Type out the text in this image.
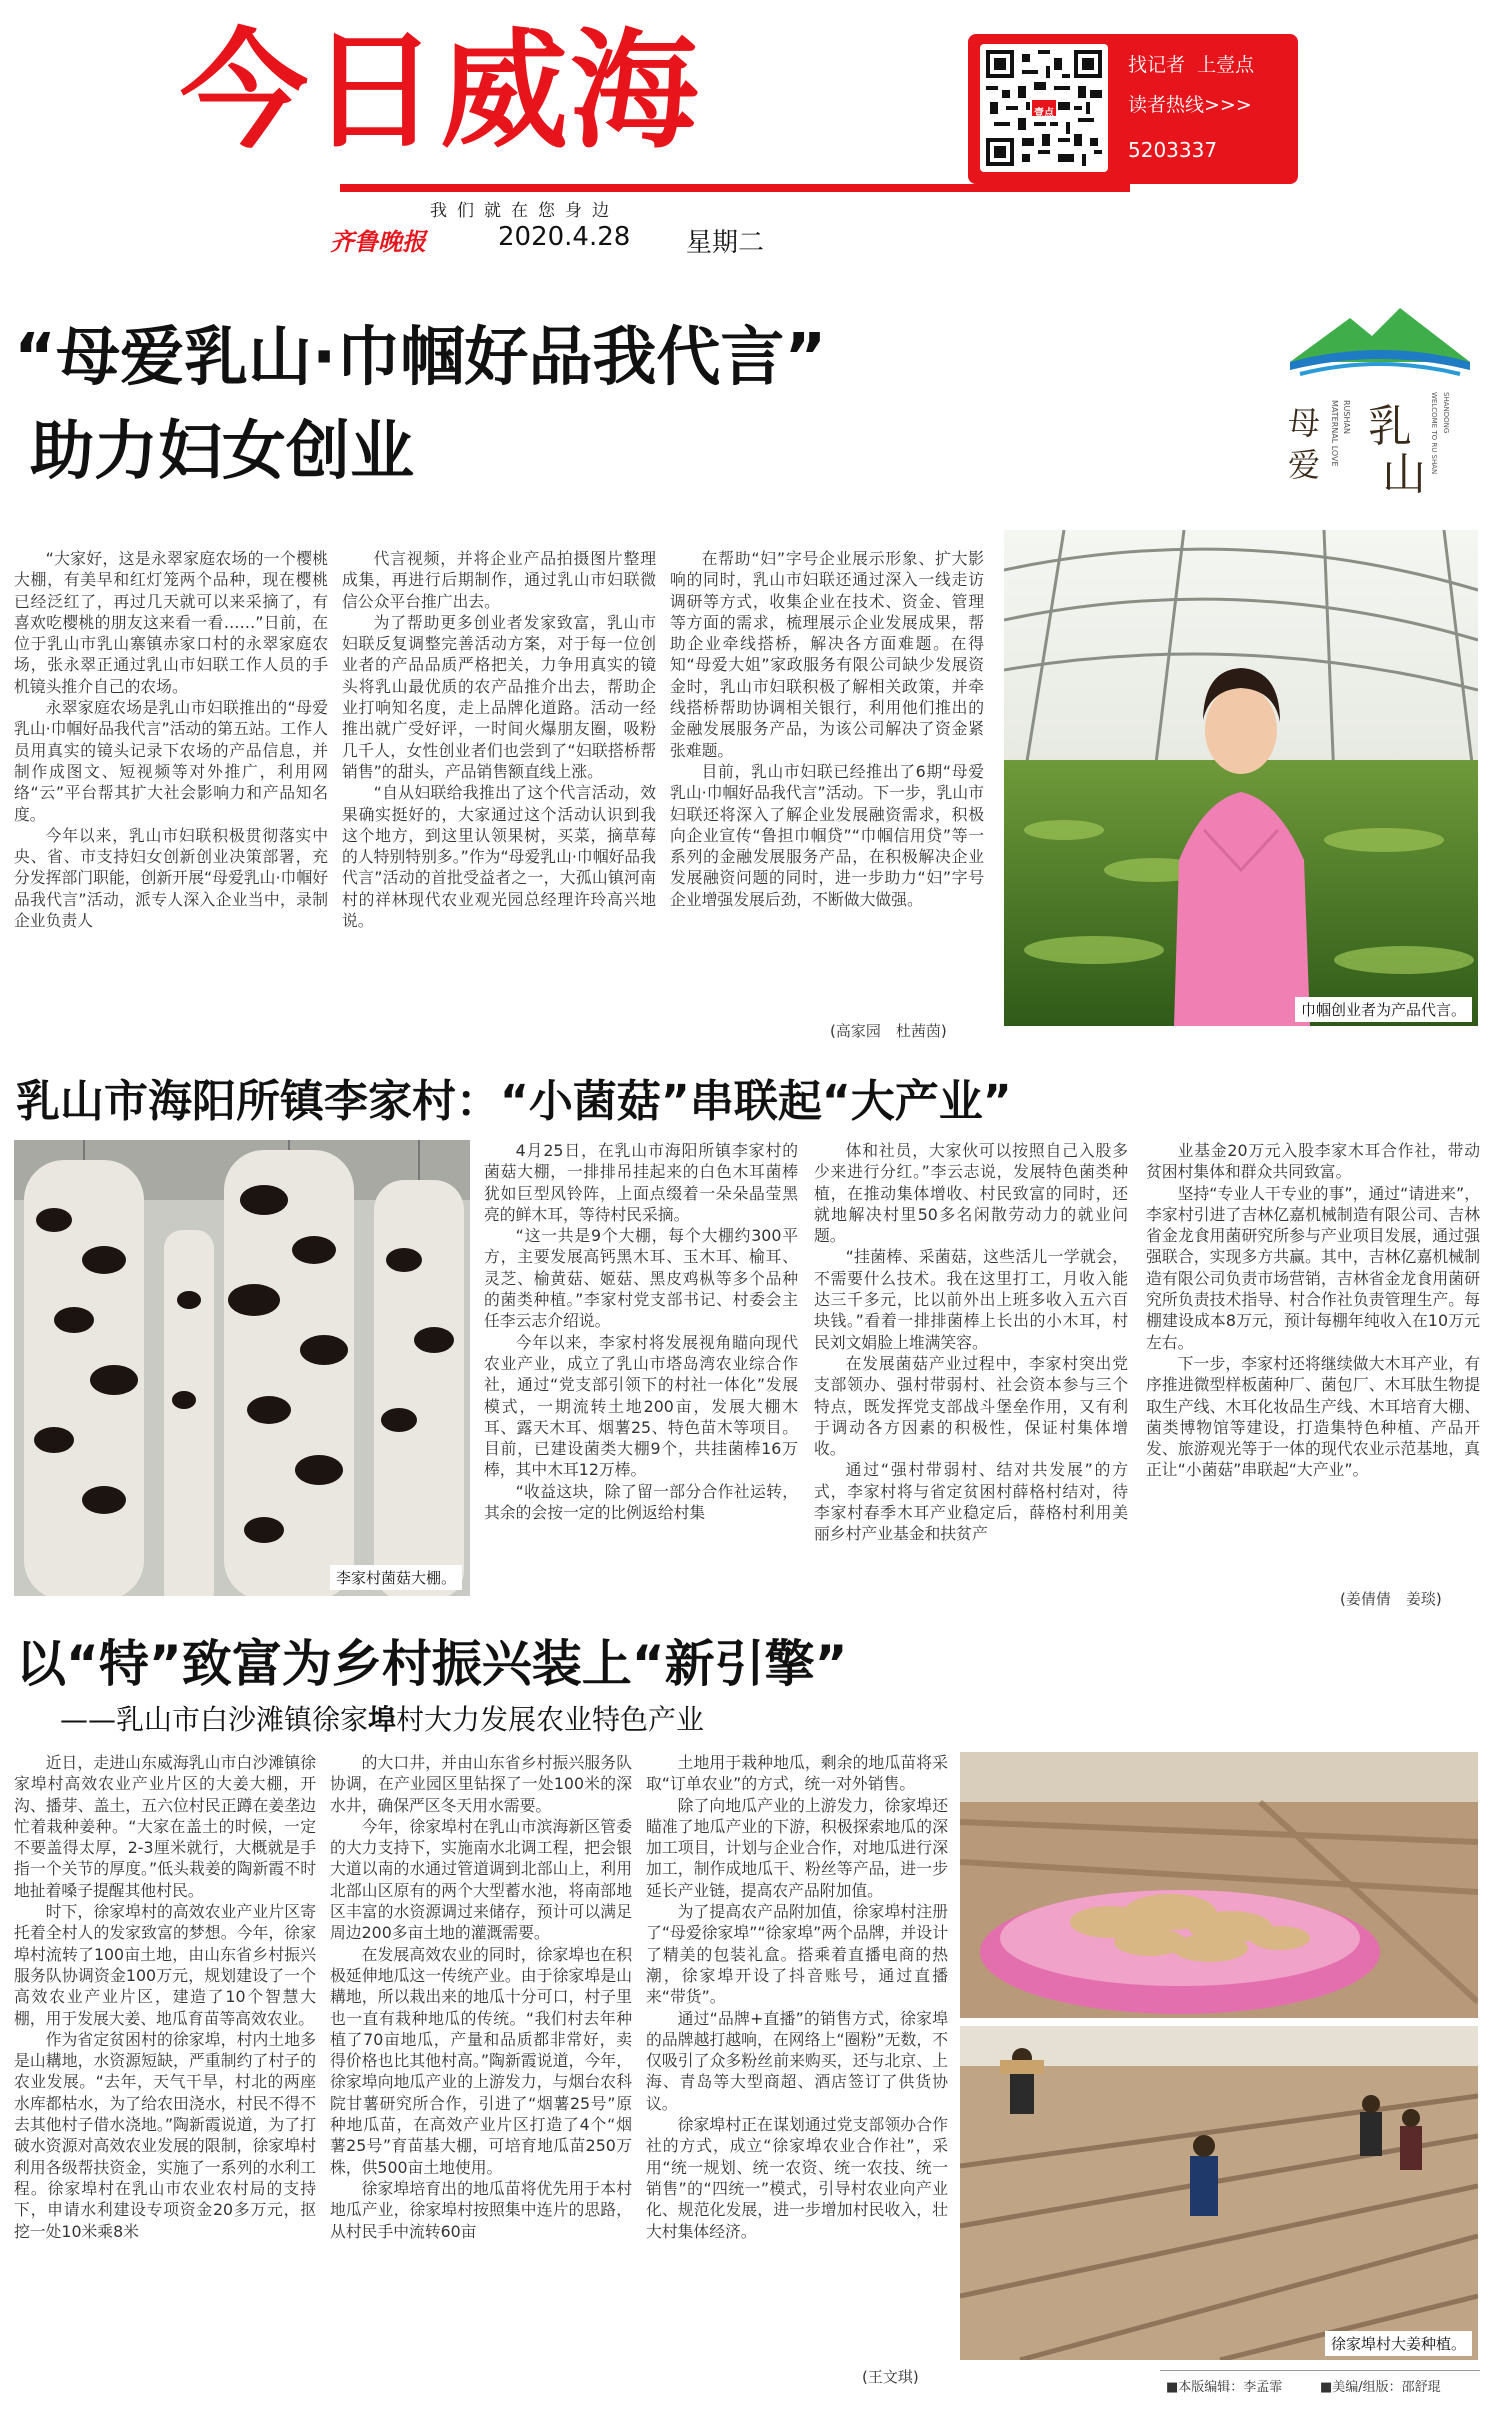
今日威海
我们就在您身边
齐鲁晚报	2020.4.28 星期二
壹点
找记者  上壹点
读者热线>>>
5203337
“母爱乳山·巾帼好品我代言”
助力妇女创业	母
爱 MATERNAL LOVE RUSHAN 乳
山
WELCOME TO RU SHAN SHANDONG

“大家好，这是永翠家庭农场的一个樱桃大棚，有美早和红灯笼两个品种，现在樱桃已经泛红了，再过几天就可以来采摘了，有喜欢吃樱桃的朋友这来看一看……”日前，在位于乳山市乳山寨镇赤家口村的永翠家庭农场，张永翠正通过乳山市妇联工作人员的手机镜头推介自己的农场。

永翠家庭农场是乳山市妇联推出的“母爱乳山·巾帼好品我代言”活动的第五站。工作人员用真实的镜头记录下农场的产品信息，并制作成图文、短视频等对外推广，利用网络“云”平台帮其扩大社会影响力和产品知名度。

今年以来，乳山市妇联积极贯彻落实中央、省、市支持妇女创新创业决策部署，充分发挥部门职能，创新开展“母爱乳山·巾帼好品我代言”活动，派专人深入企业当中，录制企业负责人

代言视频，并将企业产品拍摄图片整理成集，再进行后期制作，通过乳山市妇联微信公众平台推广出去。

为了帮助更多创业者发家致富，乳山市妇联反复调整完善活动方案，对于每一位创业者的产品品质严格把关，力争用真实的镜头将乳山最优质的农产品推介出去，帮助企业打响知名度，走上品牌化道路。活动一经推出就广受好评，一时间火爆朋友圈，吸粉几千人，女性创业者们也尝到了“妇联搭桥帮销售”的甜头，产品销售额直线上涨。

“自从妇联给我推出了这个代言活动，效果确实挺好的，大家通过这个活动认识到我这个地方，到这里认领果树，买菜，摘草莓的人特别特别多。”作为“母爱乳山·巾帼好品我代言”活动的首批受益者之一，大孤山镇河南村的祥林现代农业观光园总经理许玲高兴地说。

在帮助“妇”字号企业展示形象、扩大影响的同时，乳山市妇联还通过深入一线走访调研等方式，收集企业在技术、资金、管理等方面的需求，梳理展示企业发展成果，帮助企业牵线搭桥，解决各方面难题。在得知“母爱大姐”家政服务有限公司缺少发展资金时，乳山市妇联积极了解相关政策，并牵线搭桥帮助协调相关银行，利用他们推出的金融发展服务产品，为该公司解决了资金紧张难题。

目前，乳山市妇联已经推出了6期“母爱乳山·巾帼好品我代言”活动。下一步，乳山市妇联还将深入了解企业发展融资需求，积极向企业宣传“鲁担巾帼贷”“巾帼信用贷”等一系列的金融发展服务产品，在积极解决企业发展融资问题的同时，进一步助力“妇”字号企业增强发展后劲，不断做大做强。

(高家园　杜茜茵)
巾帼创业者为产品代言。
乳山市海阳所镇李家村：“小菌菇”串联起“大产业”
李家村菌菇大棚。

4月25日，在乳山市海阳所镇李家村的菌菇大棚，一排排吊挂起来的白色木耳菌棒犹如巨型风铃阵，上面点缀着一朵朵晶莹黑亮的鲜木耳，等待村民采摘。

“这一共是9个大棚，每个大棚约300平方，主要发展高钙黑木耳、玉木耳、榆耳、灵芝、榆黄菇、姬菇、黑皮鸡枞等多个品种的菌类种植。”李家村党支部书记、村委会主任李云志介绍说。

今年以来，李家村将发展视角瞄向现代农业产业，成立了乳山市塔岛湾农业综合作社，通过“党支部引领下的村社一体化”发展模式，一期流转土地200亩，发展大棚木耳、露天木耳、烟薯25、特色苗木等项目。目前，已建设菌类大棚9个，共挂菌棒16万棒，其中木耳12万棒。

“收益这块，除了留一部分合作社运转，其余的会按一定的比例返给村集

体和社员，大家伙可以按照自己入股多少来进行分红。”李云志说，发展特色菌类种植，在推动集体增收、村民致富的同时，还就地解决村里50多名闲散劳动力的就业问题。

“挂菌棒、采菌菇，这些活儿一学就会，不需要什么技术。我在这里打工，月收入能达三千多元，比以前外出上班多收入五六百块钱。”看着一排排菌棒上长出的小木耳，村民刘文娟脸上堆满笑容。

在发展菌菇产业过程中，李家村突出党支部领办、强村带弱村、社会资本参与三个特点，既发挥党支部战斗堡垒作用，又有利于调动各方因素的积极性，保证村集体增收。

通过“强村带弱村、结对共发展”的方式，李家村将与省定贫困村薛格村结对，待李家村春季木耳产业稳定后，薛格村利用美丽乡村产业基金和扶贫产

业基金20万元入股李家木耳合作社，带动贫困村集体和群众共同致富。

坚持“专业人干专业的事”，通过“请进来”，李家村引进了吉林亿嘉机械制造有限公司、吉林省金龙食用菌研究所参与产业项目发展，通过强强联合，实现多方共赢。其中，吉林亿嘉机械制造有限公司负责市场营销，吉林省金龙食用菌研究所负责技术指导、村合作社负责管理生产。每棚建设成本8万元，预计每棚年纯收入在10万元左右。

下一步，李家村还将继续做大木耳产业，有序推进微型样板菌种厂、菌包厂、木耳肽生物提取生产线、木耳化妆品生产线、木耳培育大棚、菌类博物馆等建设，打造集特色种植、产品开发、旅游观光等于一体的现代农业示范基地，真正让“小菌菇”串联起“大产业”。

(姜倩倩　姜琰)
以“特”致富为乡村振兴装上“新引擎”
——乳山市白沙滩镇徐家埠村大力发展农业特色产业

近日，走进山东威海乳山市白沙滩镇徐家埠村高效农业产业片区的大姜大棚，开沟、播芽、盖土，五六位村民正蹲在姜垄边忙着栽种姜种。“大家在盖土的时候，一定不要盖得太厚，2-3厘米就行，大概就是手指一个关节的厚度。”低头栽姜的陶新霞不时地扯着嗓子提醒其他村民。

时下，徐家埠村的高效农业产业片区寄托着全村人的发家致富的梦想。今年，徐家埠村流转了100亩土地，由山东省乡村振兴服务队协调资金100万元，规划建设了一个高效农业产业片区，建造了10个智慧大棚，用于发展大姜、地瓜育苗等高效农业。

作为省定贫困村的徐家埠，村内土地多是山耩地，水资源短缺，严重制约了村子的农业发展。“去年，天气干旱，村北的两座水库都枯水，为了给农田浇水，村民不得不去其他村子借水浇地。”陶新霞说道，为了打破水资源对高效农业发展的限制，徐家埠村利用各级帮扶资金，实施了一系列的水利工程。徐家埠村在乳山市农业农村局的支持下，申请水利建设专项资金20多万元，抠挖一处10米乘8米

的大口井，并由山东省乡村振兴服务队协调，在产业园区里钻探了一处100米的深水井，确保严区冬天用水需要。

今年，徐家埠村在乳山市滨海新区管委的大力支持下，实施南水北调工程，把会银大道以南的水通过管道调到北部山上，利用北部山区原有的两个大型蓄水池，将南部地区丰富的水资源调过来储存，预计可以满足周边200多亩土地的灌溉需要。

在发展高效农业的同时，徐家埠也在积极延伸地瓜这一传统产业。由于徐家埠是山耩地，所以栽出来的地瓜十分可口，村子里也一直有栽种地瓜的传统。“我们村去年种植了70亩地瓜，产量和品质都非常好，卖得价格也比其他村高。”陶新霞说道，今年，徐家埠向地瓜产业的上游发力，与烟台农科院甘薯研究所合作，引进了“烟薯25号”原种地瓜苗，在高效产业片区打造了4个“烟薯25号”育苗基大棚，可培育地瓜苗250万株，供500亩土地使用。

徐家埠培育出的地瓜苗将优先用于本村地瓜产业，徐家埠村按照集中连片的思路，从村民手中流转60亩

土地用于栽种地瓜，剩余的地瓜苗将采取“订单农业”的方式，统一对外销售。

除了向地瓜产业的上游发力，徐家埠还瞄准了地瓜产业的下游，积极探索地瓜的深加工项目，计划与企业合作，对地瓜进行深加工，制作成地瓜干、粉丝等产品，进一步延长产业链，提高农产品附加值。

为了提高农产品附加值，徐家埠村注册了“母爱徐家埠”“徐家埠”两个品牌，并设计了精美的包装礼盒。搭乘着直播电商的热潮，徐家埠开设了抖音账号，通过直播来“带货”。

通过“品牌+直播”的销售方式，徐家埠的品牌越打越响，在网络上“圈粉”无数，不仅吸引了众多粉丝前来购买，还与北京、上海、青岛等大型商超、酒店签订了供货协议。

徐家埠村正在谋划通过党支部领办合作社的方式，成立“徐家埠农业合作社”，采用“统一规划、统一农资、统一农技、统一销售”的“四统一”模式，引导村农业向产业化、规范化发展，进一步增加村民收入，壮大村集体经济。

(王文琪)
徐家埠村大姜种植。
■本版编辑：李孟霏	■美编/组版：邵舒琨
